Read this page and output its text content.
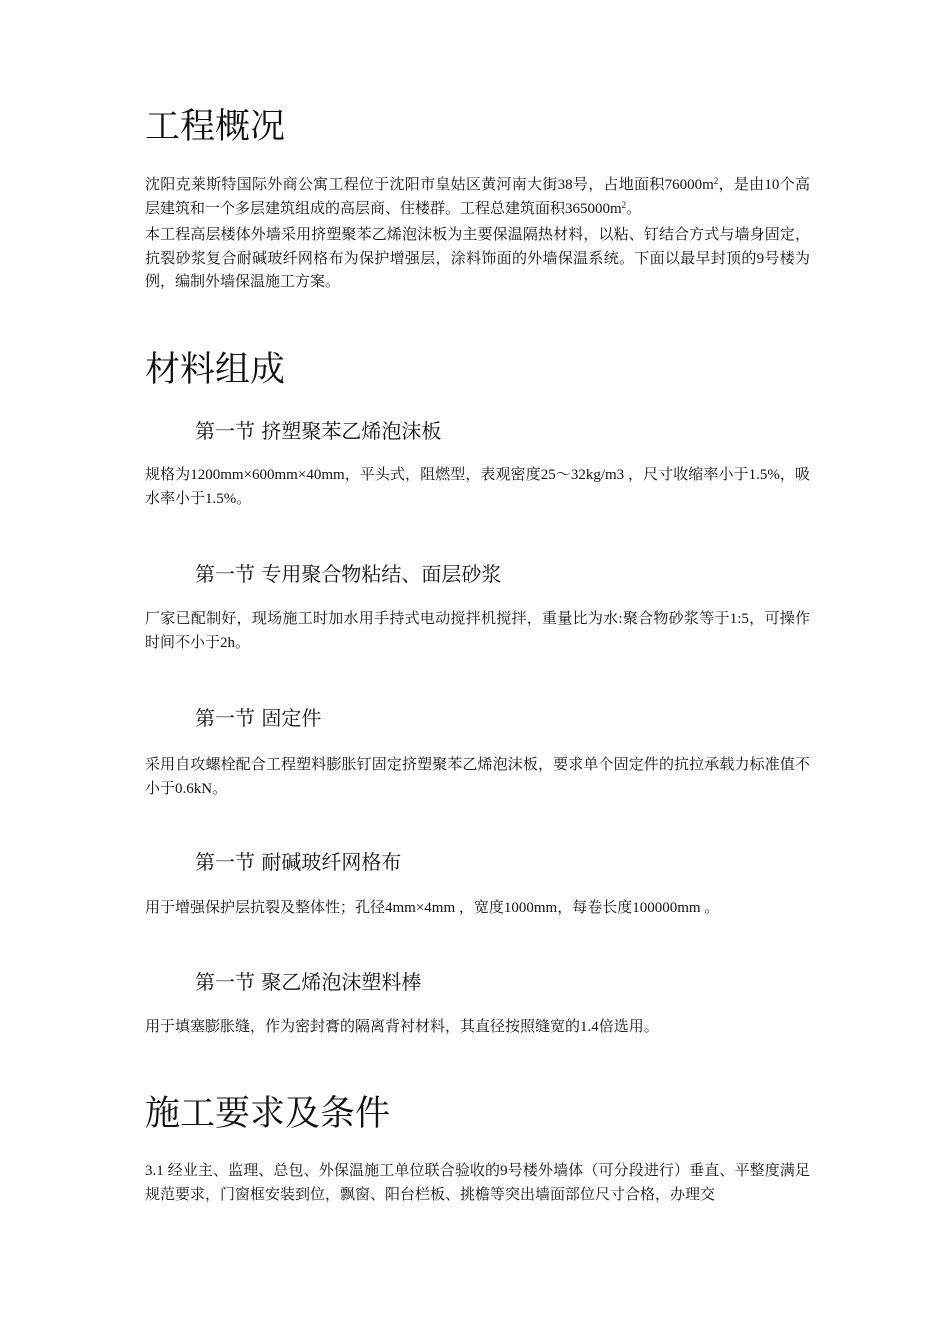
工程概况

沈阳克莱斯特国际外商公寓工程位于沈阳市皇姑区黄河南大街38号，占地面积$76000m^2$，是由10个高层建筑和一个多层建筑组成的高层商、住楼群。工程总建筑面积$365000m^2$。

本工程高层楼体外墙采用挤塑聚苯乙烯泡沫板为主要保温隔热材料，以粘、钉结合方式与墙身固定，抗裂砂浆复合耐碱玻纤网格布为保护增强层，涂料饰面的外墙保温系统。下面以最早封顶的9号楼为例，编制外墙保温施工方案。

材料组成
第一节 挤塑聚苯乙烯泡沫板

规格为1200mm×600mm×40mm，平头式，阻燃型，表观密度25～32kg/m3 ，尺寸收缩率小于1.5%，吸水率小于1.5%。

第一节 专用聚合物粘结、面层砂浆

厂家已配制好，现场施工时加水用手持式电动搅拌机搅拌，重量比为水:聚合物砂浆等于1:5，可操作时间不小于2h。

第一节 固定件

采用自攻螺栓配合工程塑料膨胀钉固定挤塑聚苯乙烯泡沫板，要求单个固定件的抗拉承载力标准值不小于0.6kN。

第一节 耐碱玻纤网格布

用于增强保护层抗裂及整体性；孔径4mm×4mm ，宽度1000mm，每卷长度100000mm 。

第一节 聚乙烯泡沫塑料棒

用于填塞膨胀缝，作为密封膏的隔离背衬材料，其直径按照缝宽的1.4倍选用。

施工要求及条件

3.1 经业主、监理、总包、外保温施工单位联合验收的9号楼外墙体（可分段进行）垂直、平整度满足规范要求，门窗框安装到位，飘窗、阳台栏板、挑檐等突出墙面部位尺寸合格，办理交
